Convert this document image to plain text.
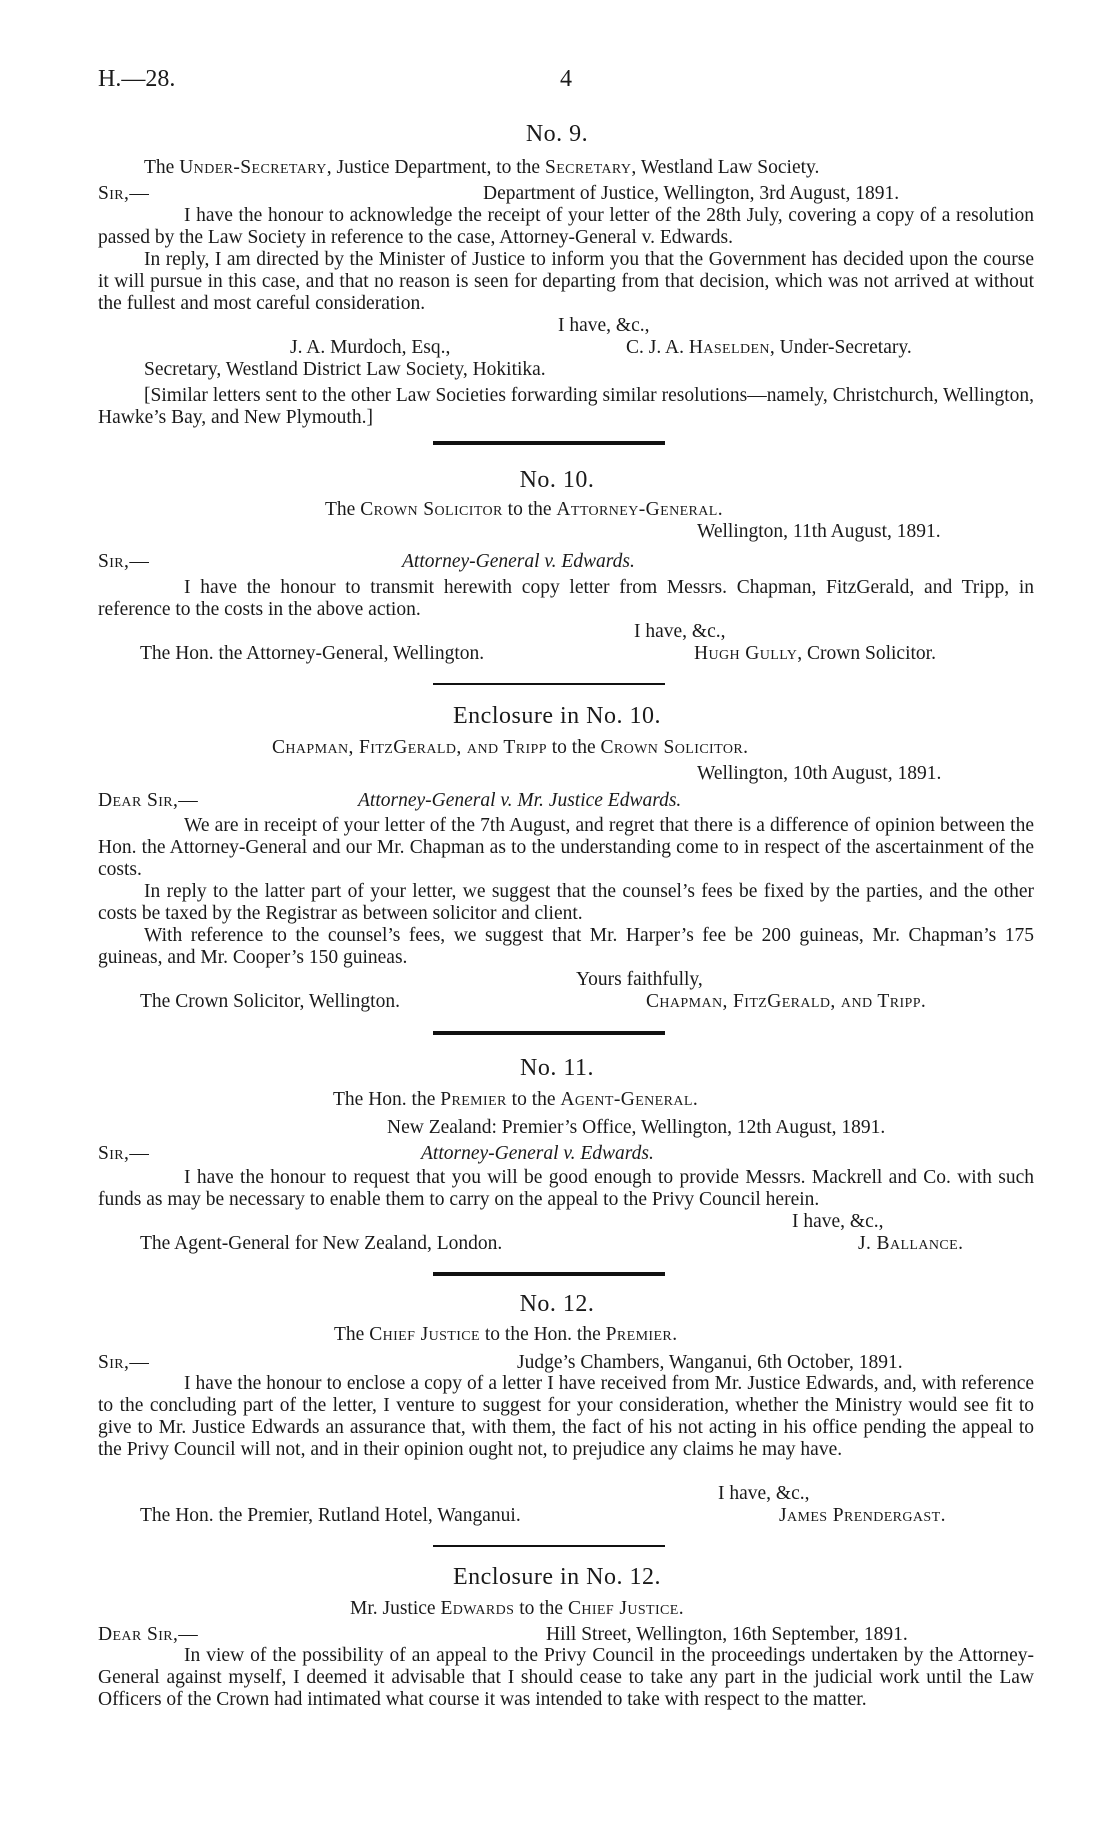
H.—28.	4
No. 9.
The Under-Secretary, Justice Department, to the Secretary, Westland Law Society.
Sir,—	Department of Justice, Wellington, 3rd August, 1891.
I have the honour to acknowledge the receipt of your letter of the 28th July, covering a copy of a resolution passed by the Law Society in reference to the case, Attorney-General v. Edwards.
In reply, I am directed by the Minister of Justice to inform you that the Government has decided upon the course it will pursue in this case, and that no reason is seen for departing from that decision, which was not arrived at without the fullest and most careful consideration.
I have, &c.,
J. A. Murdoch, Esq.,	C. J. A. Haselden, Under-Secretary.
Secretary, Westland District Law Society, Hokitika.
[Similar letters sent to the other Law Societies forwarding similar resolutions—namely, Christchurch, Wellington, Hawke’s Bay, and New Plymouth.]
No. 10.
The Crown Solicitor to the Attorney-General.
Wellington, 11th August, 1891.
Sir,—	Attorney-General v. Edwards.
I have the honour to transmit herewith copy letter from Messrs. Chapman, FitzGerald, and Tripp, in reference to the costs in the above action.
I have, &c.,
The Hon. the Attorney-General, Wellington.	Hugh Gully, Crown Solicitor.
Enclosure in No. 10.
Chapman, FitzGerald, and Tripp to the Crown Solicitor.
Wellington, 10th August, 1891.
Dear Sir,—	Attorney-General v. Mr. Justice Edwards.
We are in receipt of your letter of the 7th August, and regret that there is a difference of opinion between the Hon. the Attorney-General and our Mr. Chapman as to the understanding come to in respect of the ascertainment of the costs.
In reply to the latter part of your letter, we suggest that the counsel’s fees be fixed by the parties, and the other costs be taxed by the Registrar as between solicitor and client.
With reference to the counsel’s fees, we suggest that Mr. Harper’s fee be 200 guineas, Mr. Chapman’s 175 guineas, and Mr. Cooper’s 150 guineas.
Yours faithfully,
The Crown Solicitor, Wellington.	Chapman, FitzGerald, and Tripp.
No. 11.
The Hon. the Premier to the Agent-General.
New Zealand: Premier’s Office, Wellington, 12th August, 1891.
Sir,—	Attorney-General v. Edwards.
I have the honour to request that you will be good enough to provide Messrs. Mackrell and Co. with such funds as may be necessary to enable them to carry on the appeal to the Privy Council herein.
I have, &c.,
The Agent-General for New Zealand, London.	J. Ballance.
No. 12.
The Chief Justice to the Hon. the Premier.
Sir,—	Judge’s Chambers, Wanganui, 6th October, 1891.
I have the honour to enclose a copy of a letter I have received from Mr. Justice Edwards, and, with reference to the concluding part of the letter, I venture to suggest for your consideration, whether the Ministry would see fit to give to Mr. Justice Edwards an assurance that, with them, the fact of his not acting in his office pending the appeal to the Privy Council will not, and in their opinion ought not, to prejudice any claims he may have.
I have, &c.,
The Hon. the Premier, Rutland Hotel, Wanganui.	James Prendergast.
Enclosure in No. 12.
Mr. Justice Edwards to the Chief Justice.
Dear Sir,—	Hill Street, Wellington, 16th September, 1891.
In view of the possibility of an appeal to the Privy Council in the proceedings undertaken by the Attorney-General against myself, I deemed it advisable that I should cease to take any part in the judicial work until the Law Officers of the Crown had intimated what course it was intended to take with respect to the matter.
